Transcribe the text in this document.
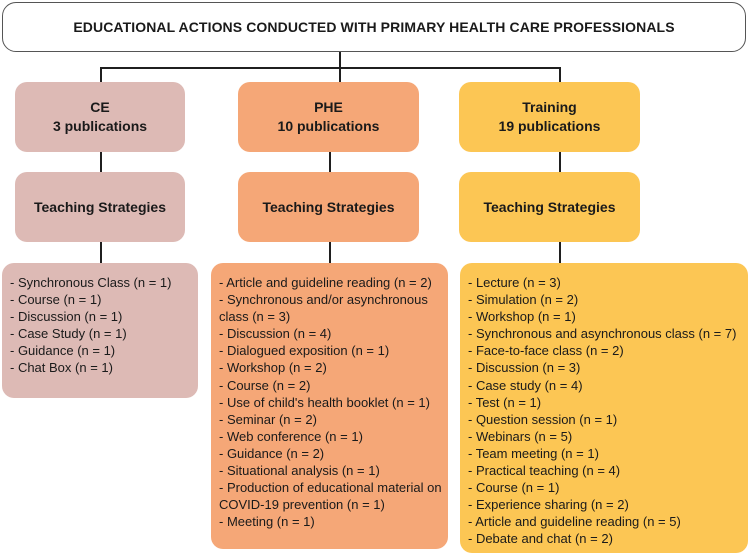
EDUCATIONAL ACTIONS CONDUCTED WITH PRIMARY HEALTH CARE PROFESSIONALS
CE
3 publications
Teaching Strategies
- Synchronous Class (n = 1)
- Course (n = 1)
- Discussion (n = 1)
- Case Study (n = 1)
- Guidance (n = 1)
- Chat Box (n = 1)
PHE
10 publications
Teaching Strategies
- Article and guideline reading (n = 2)
- Synchronous and/or asynchronous class (n = 3)
- Discussion (n = 4)
- Dialogued exposition (n = 1)
- Workshop (n = 2)
- Course (n = 2)
- Use of child's health booklet (n = 1)
- Seminar (n = 2)
- Web conference (n = 1)
- Guidance (n = 2)
- Situational analysis (n = 1)
- Production of educational material on COVID-19 prevention (n = 1)
- Meeting (n = 1)
Training
19 publications
Teaching Strategies
- Lecture (n = 3)
- Simulation (n = 2)
- Workshop (n = 1)
- Synchronous and asynchronous class (n = 7)
- Face-to-face class (n = 2)
- Discussion (n = 3)
- Case study (n = 4)
- Test (n = 1)
- Question session (n = 1)
- Webinars (n = 5)
- Team meeting (n = 1)
- Practical teaching (n = 4)
- Course (n = 1)
- Experience sharing (n = 2)
- Article and guideline reading (n = 5)
- Debate and chat (n = 2)
